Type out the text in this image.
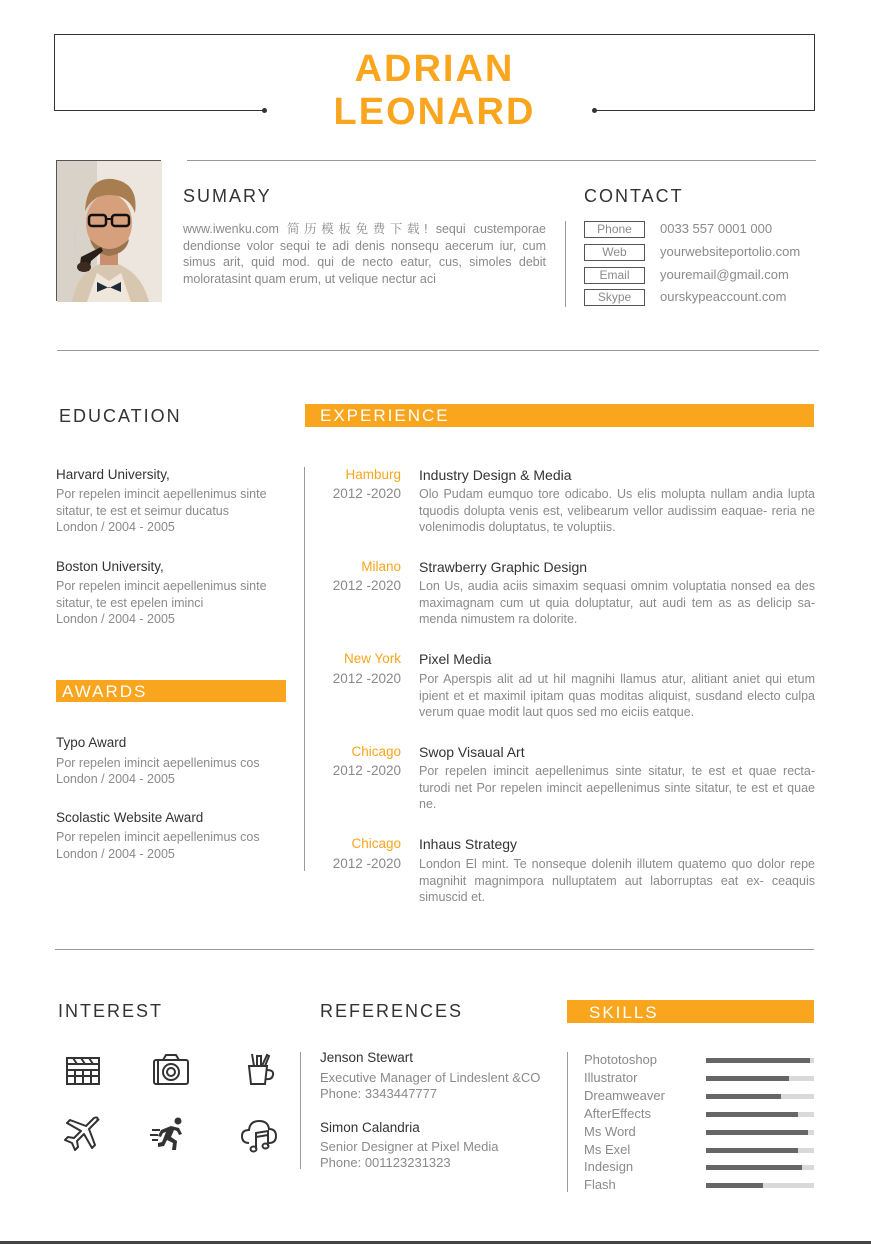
ADRIAN
LEONARD
SUMARY
www.iwenku.com 简历模板免费下载! sequi custemporae dendionse volor sequi te adi denis nonsequ aecerum iur, cum simus arit, quid mod. qui de necto eatur, cus, simoles debit moloratasint quam erum, ut velique nectur aci
CONTACT
Phone	0033 557 0001 000
Web	yourwebsiteportolio.com
Email	youremail@gmail.com
Skype	ourskypeaccount.com
EDUCATION
Harvard University,
Por repelen imincit aepellenimus sinte sitatur, te est et seimur ducatus
London / 2004 - 2005
Boston University,
Por repelen imincit aepellenimus sinte sitatur, te est epelen iminci
London / 2004 - 2005
AWARDS
Typo Award
Por repelen imincit aepellenimus cos
London / 2004 - 2005
Scolastic Website Award
Por repelen imincit aepellenimus cos
London / 2004 - 2005
EXPERIENCE
Hamburg
2012 -2020
Industry Design & Media
Olo Pudam eumquo tore odicabo. Us elis molupta nullam andia lupta tquodis dolupta venis est, velibearum vellor audissim eaquae- reria ne volenimodis doluptatus, te voluptiis.
Milano
2012 -2020
Strawberry Graphic Design
Lon Us, audia aciis simaxim sequasi omnim voluptatia nonsed ea des maximagnam cum ut quia doluptatur, aut audi tem as as delicip sa- menda nimustem ra dolorite.
New York
2012 -2020
Pixel Media
Por Aperspis alit ad ut hil magnihi llamus atur, alitiant aniet qui etum ipient et et maximil ipitam quas moditas aliquist, susdand electo culpa verum quae modit laut quos sed mo eiciis eatque.
Chicago
2012 -2020
Swop Visaual Art
Por repelen imincit aepellenimus sinte sitatur, te est et quae recta- turodi net Por repelen imincit aepellenimus sinte sitatur, te est et quae ne.
Chicago
2012 -2020
Inhaus Strategy
London El mint. Te nonseque dolenih illutem quatemo quo dolor repe magnihit magnimpora nulluptatem aut laborruptas eat ex- ceaquis simuscid et.
INTEREST	REFERENCES
Jenson Stewart
Executive Manager of Lindeslent &CO
Phone: 3343447777
Simon Calandria
Senior Designer at Pixel Media
Phone: 001123231323
SKILLS
Phototoshop
Illustrator
Dreamweaver
AfterEffects
Ms Word
Ms Exel
Indesign
Flash
